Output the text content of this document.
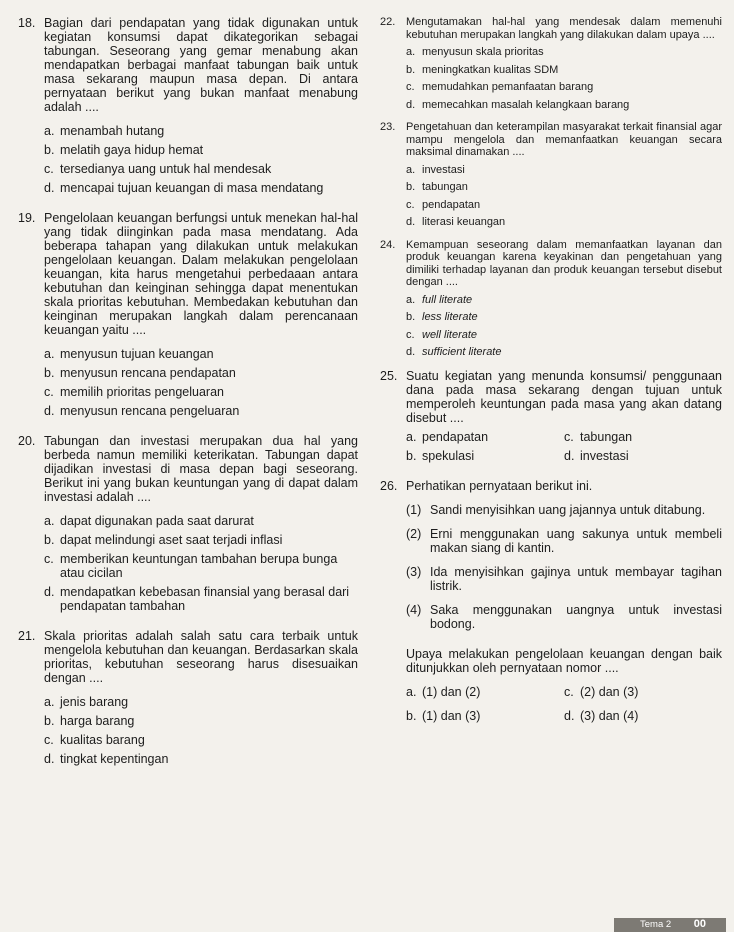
18. Bagian dari pendapatan yang tidak digunakan untuk kegiatan konsumsi dapat dikategorikan sebagai tabungan. Seseorang yang gemar menabung akan mendapatkan berbagai manfaat tabungan baik untuk masa sekarang maupun masa depan. Di antara pernyataan berikut yang bukan manfaat menabung adalah ....
a. menambah hutang
b. melatih gaya hidup hemat
c. tersedianya uang untuk hal mendesak
d. mencapai tujuan keuangan di masa mendatang
19. Pengelolaan keuangan berfungsi untuk menekan hal-hal yang tidak diinginkan pada masa mendatang. Ada beberapa tahapan yang dilakukan untuk melakukan pengelolaan keuangan. Dalam melakukan pengelolaan keuangan, kita harus mengetahui perbedaaan antara kebutuhan dan keinginan sehingga dapat menentukan skala prioritas kebutuhan. Membedakan kebutuhan dan keinginan merupakan langkah dalam perencanaan keuangan yaitu ....
a. menyusun tujuan keuangan
b. menyusun rencana pendapatan
c. memilih prioritas pengeluaran
d. menyusun rencana pengeluaran
20. Tabungan dan investasi merupakan dua hal yang berbeda namun memiliki keterikatan. Tabungan dapat dijadikan investasi di masa depan bagi seseorang. Berikut ini yang bukan keuntungan yang di dapat dalam investasi adalah ....
a. dapat digunakan pada saat darurat
b. dapat melindungi aset saat terjadi inflasi
c. memberikan keuntungan tambahan berupa bunga atau cicilan
d. mendapatkan kebebasan finansial yang berasal dari pendapatan tambahan
21. Skala prioritas adalah salah satu cara terbaik untuk mengelola kebutuhan dan keuangan. Berdasarkan skala prioritas, kebutuhan seseorang harus disesuaikan dengan ....
a. jenis barang
b. harga barang
c. kualitas barang
d. tingkat kepentingan
22. Mengutamakan hal-hal yang mendesak dalam memenuhi kebutuhan merupakan langkah yang dilakukan dalam upaya ....
a. menyusun skala prioritas
b. meningkatkan kualitas SDM
c. memudahkan pemanfaatan barang
d. memecahkan masalah kelangkaan barang
23. Pengetahuan dan keterampilan masyarakat terkait finansial agar mampu mengelola dan memanfaatkan keuangan secara maksimal dinamakan ....
a. investasi
b. tabungan
c. pendapatan
d. literasi keuangan
24. Kemampuan seseorang dalam memanfaatkan layanan dan produk keuangan karena keyakinan dan pengetahuan yang dimiliki terhadap layanan dan produk keuangan tersebut disebut dengan ....
a. full literate
b. less literate
c. well literate
d. sufficient literate
25. Suatu kegiatan yang menunda konsumsi/ penggunaan dana pada masa sekarang dengan tujuan untuk memperoleh keuntungan pada masa yang akan datang disebut ....
a. pendapatan	c. tabungan
b. spekulasi	d. investasi
26. Perhatikan pernyataan berikut ini.
(1) Sandi menyisihkan uang jajannya untuk ditabung.
(2) Erni menggunakan uang sakunya untuk membeli makan siang di kantin.
(3) Ida menyisihkan gajinya untuk membayar tagihan listrik.
(4) Saka menggunakan uangnya untuk investasi bodong.
Upaya melakukan pengelolaan keuangan dengan baik ditunjukkan oleh pernyataan nomor ....
a. (1) dan (2)	c. (2) dan (3)
b. (1) dan (3)	d. (3) dan (4)
Tema 2 00
